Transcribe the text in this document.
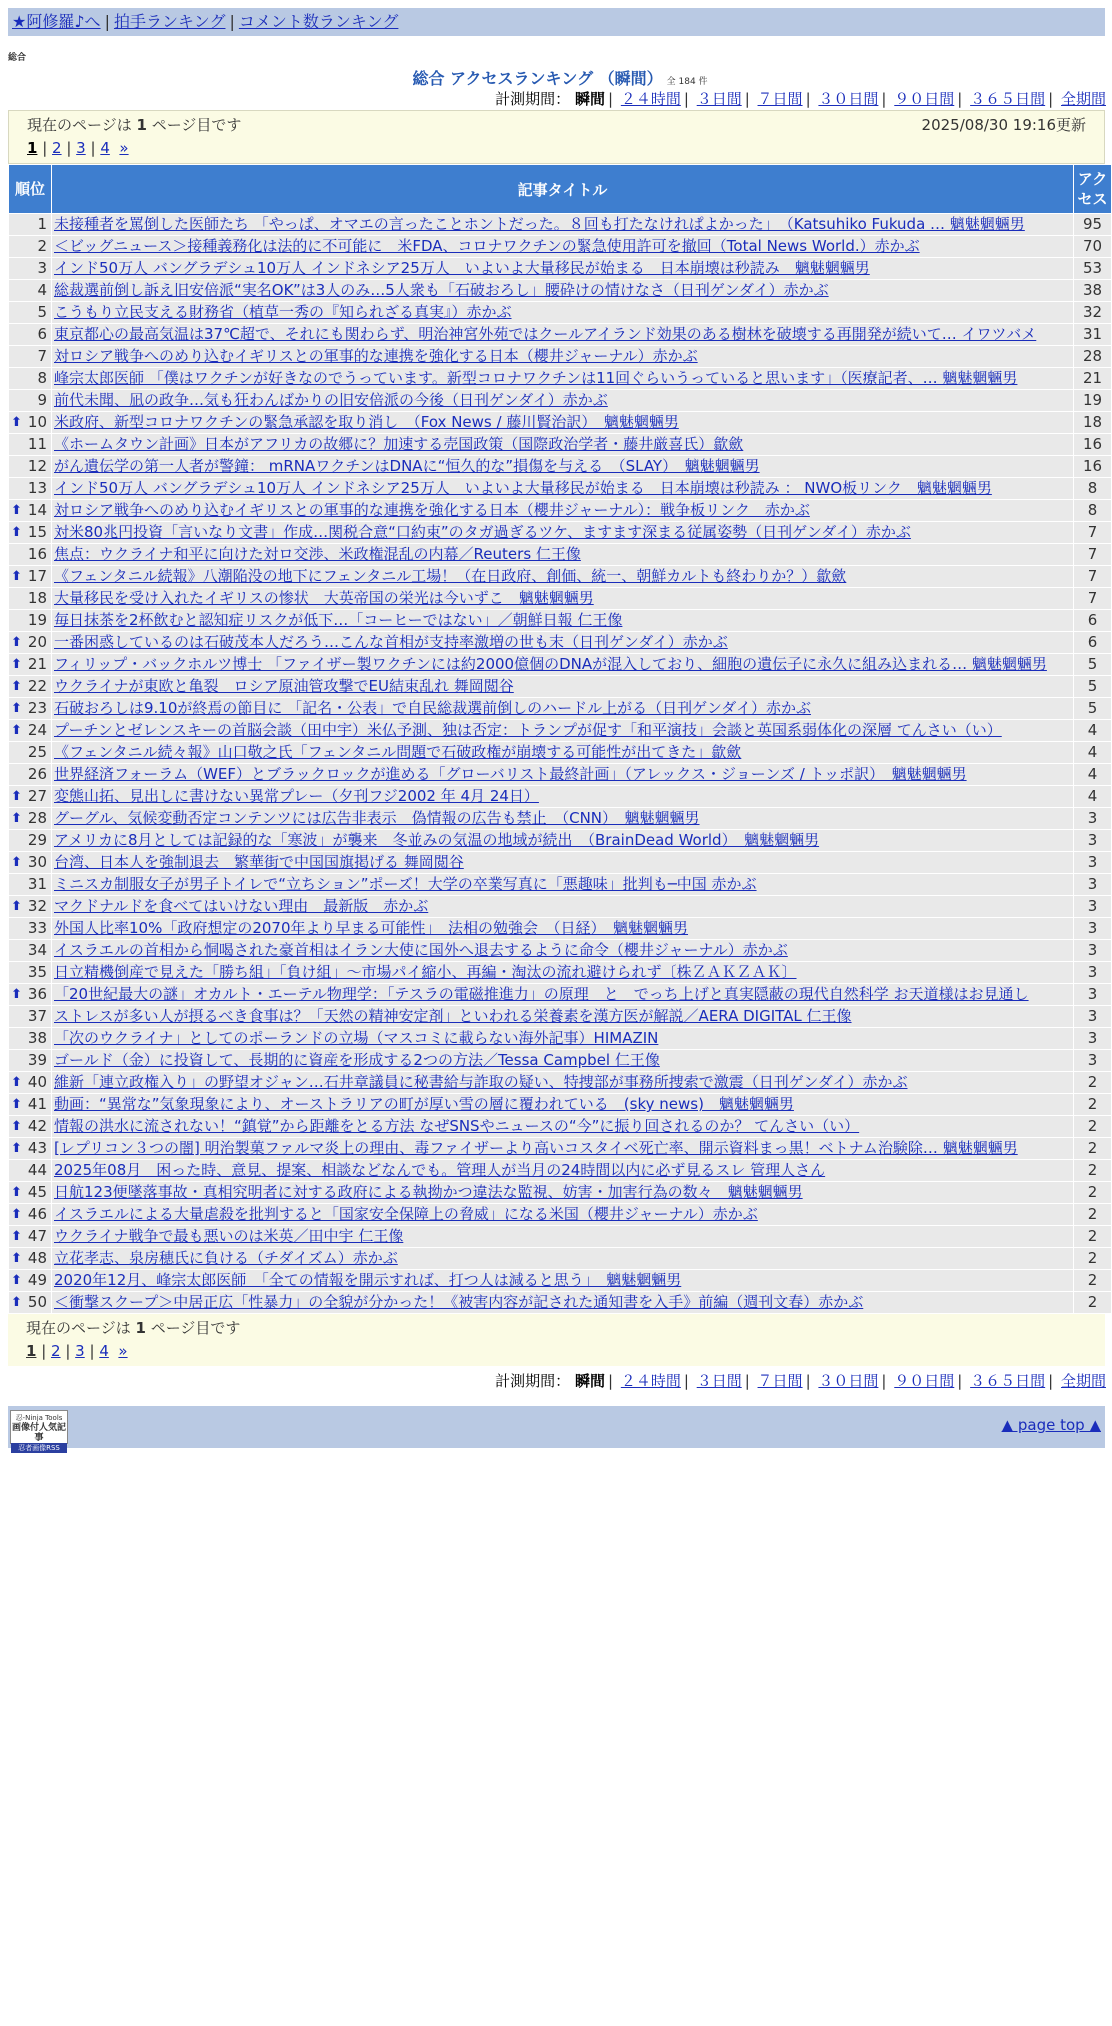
★阿修羅♪へ | 拍手ランキング | コメント数ランキング
総合
総合 アクセスランキング （瞬間） 全 184 件
計測期間： 瞬間 | ２４時間 | ３日間 | ７日間 | ３０日間 | ９０日間 | ３６５日間 | 全期間
現在のページは 1 ページ目です	2025/08/30 19:16更新
1 | 2 | 3 | 4 »
順位	記事タイトル	アクセス
1	未接種者を罵倒した医師たち 「やっぱ、オマエの言ったことホントだった。８回も打たなけれぱよかった」　（Katsuhiko Fukuda … 魑魅魍魎男	95
2	＜ビッグニュース＞接種義務化は法的に不可能に　米FDA、コロナワクチンの緊急使用許可を撤回（Total News World.）赤かぶ	70
3	インド50万人 バングラデシュ10万人 インドネシア25万人　いよいよ大量移民が始まる　日本崩壊は秒読み　魑魅魍魎男	53
4	総裁選前倒し訴え旧安倍派“実名OK”は3人のみ…5人衆も「石破おろし」腰砕けの情けなさ（日刊ゲンダイ）赤かぶ	38
5	こうもり立民支える財務省（植草一秀の『知られざる真実』）赤かぶ	32
6	東京都心の最高気温は37℃超で、それにも関わらず、明治神宮外苑ではクールアイランド効果のある樹林を破壊する再開発が続いて… イワツバメ	31
7	対ロシア戦争へのめり込むイギリスとの軍事的な連携を強化する日本（櫻井ジャーナル）赤かぶ	28
8	峰宗太郎医師 「僕はワクチンが好きなのでうっています。新型コロナワクチンは11回ぐらいうっていると思います」（医療記者、… 魑魅魍魎男	21
9	前代未聞、凪の政争…気も狂わんばかりの旧安倍派の今後（日刊ゲンダイ）赤かぶ	19

⬆ 10	米政府、新型コロナワクチンの緊急承認を取り消し　（Fox News / 藤川賢治訳）　魑魅魍魎男	18
11	《ホームタウン計画》日本がアフリカの故郷に？加速する売国政策（国際政治学者・藤井厳喜氏）歙歛	16
12	がん遺伝学の第一人者が警鐘： mRNAワクチンはDNAに“恒久的な”損傷を与える　（SLAY）　魑魅魍魎男	16
13	インド50万人 バングラデシュ10万人 インドネシア25万人　いよいよ大量移民が始まる　日本崩壊は秒読み ： NWO板リンク　魑魅魍魎男	8

⬆ 14	対ロシア戦争へのめり込むイギリスとの軍事的な連携を強化する日本（櫻井ジャーナル）：戦争板リンク　赤かぶ	8

⬆ 15	対米80兆円投資「言いなり文書」作成…関税合意“口約束”のタガ過ぎるツケ、ますます深まる従属姿勢（日刊ゲンダイ）赤かぶ	7
16	焦点：ウクライナ和平に向けた対ロ交渉、米政権混乱の内幕／Reuters 仁王像	7

⬆ 17	《フェンタニル続報》八潮陥没の地下にフェンタニル工場！（在日政府、創価、統一、朝鮮カルトも終わりか？）歙歛	7
18	大量移民を受け入れたイギリスの惨状　大英帝国の栄光は今いずこ　魑魅魍魎男	7
19	毎日抹茶を2杯飲むと認知症リスクが低下…「コーヒーではない」／朝鮮日報 仁王像	6

⬆ 20	一番困惑しているのは石破茂本人だろう…こんな首相が支持率激増の世も末（日刊ゲンダイ）赤かぶ	6

⬆ 21	フィリップ・バックホルツ博士 「ファイザー製ワクチンには約2000億個のDNAが混入しており、細胞の遺伝子に永久に組み込まれる… 魑魅魍魎男	5

⬆ 22	ウクライナが東欧と亀裂　ロシア原油管攻撃でEU結束乱れ 舞岡閲谷	5

⬆ 23	石破おろしは9.10が終焉の節目に 「記名・公表」で自民総裁選前倒しのハードル上がる（日刊ゲンダイ）赤かぶ	5

⬆ 24	プーチンとゼレンスキーの首脳会談（田中宇）米仏予測、独は否定：トランプが促す「和平演技」会談と英国系弱体化の深層 てんさい（い）	4
25	《フェンタニル続々報》山口敬之氏「フェンタニル問題で石破政権が崩壊する可能性が出てきた」歙歛	4
26	世界経済フォーラム（WEF）とブラックロックが進める「グローバリスト最終計画」（アレックス・ジョーンズ / トッポ訳）　魑魅魍魎男	4

⬆ 27	変態山拓、見出しに書けない異常プレー（夕刊フジ2002 年 4月 24日）	4

⬆ 28	グーグル、気候変動否定コンテンツには広告非表示　偽情報の広告も禁止　（CNN）　魑魅魍魎男	3
29	アメリカに8月としては記録的な「寒波」が襲来　冬並みの気温の地域が続出　（BrainDead World）　魑魅魍魎男	3

⬆ 30	台湾、日本人を強制退去　繁華街で中国国旗掲げる 舞岡閲谷	3
31	ミニスカ制服女子が男子トイレで“立ちション”ポーズ！大学の卒業写真に「悪趣味」批判も─中国 赤かぶ	3

⬆ 32	マクドナルドを食べてはいけない理由　最新版　赤かぶ	3
33	外国人比率10%「政府想定の2070年より早まる可能性」　法相の勉強会　（日経）　魑魅魍魎男	3
34	イスラエルの首相から恫喝された豪首相はイラン大使に国外へ退去するように命令（櫻井ジャーナル）赤かぶ	3
35	日立精機倒産で見えた「勝ち組」「負け組」～市場パイ縮小、再編・淘汰の流れ避けられず〔株ＺＡＫＺＡＫ〕	3

⬆ 36	「20世紀最大の謎」オカルト・エーテル物理学：「テスラの電磁推進力」の原理　と　でっち上げと真実隠蔽の現代自然科学 お天道様はお見通し	3
37	ストレスが多い人が摂るべき食事は？「天然の精神安定剤」といわれる栄養素を漢方医が解説／AERA DIGITAL 仁王像	3
38	「次のウクライナ」としてのポーランドの立場（マスコミに載らない海外記事）HIMAZIN	3
39	ゴールド（金）に投資して、長期的に資産を形成する2つの方法／Tessa Campbel 仁王像	3

⬆ 40	維新「連立政権入り」の野望オジャン…石井章議員に秘書給与詐取の疑い、特捜部が事務所捜索で激震（日刊ゲンダイ）赤かぶ	2

⬆ 41	動画：“異常な”気象現象により、オーストラリアの町が厚い雪の層に覆われている　(sky news)　魑魅魍魎男	2

⬆ 42	情報の洪水に流されない！“鎮覚”から距離をとる方法 なぜSNSやニュースの“今”に振り回されるのか？ てんさい（い）	2

⬆ 43	[レプリコン３つの闇] 明治製菓ファルマ炎上の理由、毒ファイザーより高いコスタイベ死亡率、開示資料まっ黒！ベトナム治験除… 魑魅魍魎男	2
44	2025年08月　困った時、意見、提案、相談などなんでも。管理人が当月の24時間以内に必ず見るスレ 管理人さん	2

⬆ 45	日航123便墜落事故・真相究明者に対する政府による執拗かつ違法な監視、妨害・加害行為の数々　魑魅魍魎男	2

⬆ 46	イスラエルによる大量虐殺を批判すると「国家安全保障上の脅威」になる米国（櫻井ジャーナル）赤かぶ	2

⬆ 47	ウクライナ戦争で最も悪いのは米英／田中宇 仁王像	2

⬆ 48	立花孝志、泉房穂氏に負ける（チダイズム）赤かぶ	2

⬆ 49	2020年12月、峰宗太郎医師　「全ての情報を開示すれば、打つ人は減ると思う」　魑魅魍魎男	2

⬆ 50	＜衝撃スクープ＞中居正広「性暴力」の全貌が分かった！《被害内容が記された通知書を入手》前編（週刊文春）赤かぶ	2
現在のページは 1 ページ目です
1 | 2 | 3 | 4 »
計測期間： 瞬間 | ２４時間 | ３日間 | ７日間 | ３０日間 | ９０日間 | ３６５日間 | 全期間
忍-Ninja Tools
画像付人気記事
忍者画像RSS
▲ page top ▲
